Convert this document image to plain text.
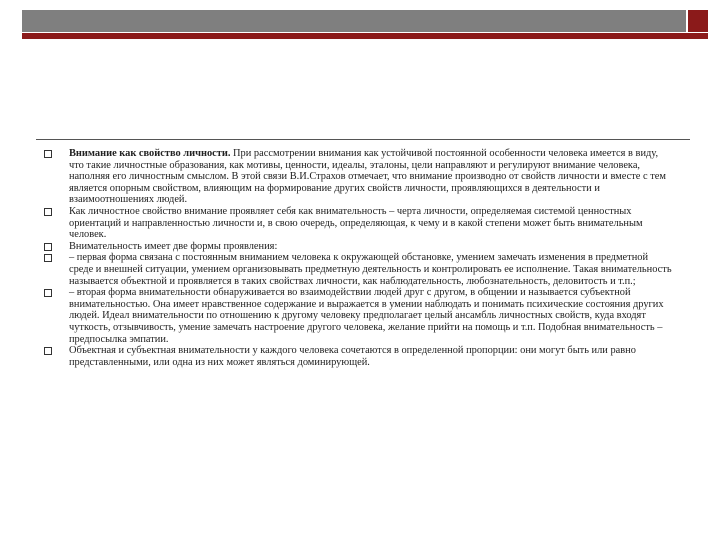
Внимание как свойство личности. При рассмотрении внимания как устойчивой постоянной особенности человека имеется в виду, что такие личностные образования, как мотивы, ценности, идеалы, эталоны, цели направляют и регулируют внимание человека, наполняя его личностным смыслом. В этой связи В.И.Страхов отмечает, что внимание производно от свойств личности и вместе с тем является опорным свойством, влияющим на формирование других свойств личности, проявляющихся в деятельности и взаимоотношениях людей.
Как личностное свойство внимание проявляет себя как внимательность – черта личности, определяемая системой ценностных ориентаций и направленностью личности и, в свою очередь, определяющая, к чему и в какой степени может быть внимательным человек.
Внимательность имеет две формы проявления:
– первая форма связана с постоянным вниманием человека к окружающей обстановке, умением замечать изменения в предметной среде и внешней ситуации, умением организовывать предметную деятельность и контролировать ее исполнение. Такая внимательность называется объектной и проявляется в таких свойствах личности, как наблюдательность, любознательность, деловитость и т.п.;
– вторая форма внимательности обнаруживается во взаимодействии людей друг с другом, в общении и называется субъектной внимательностью. Она имеет нравственное содержание и выражается в умении наблюдать и понимать психические состояния других людей. Идеал внимательности по отношению к другому человеку предполагает целый ансамбль личностных свойств, куда входят чуткость, отзывчивость, умение замечать настроение другого человека, желание прийти на помощь и т.п. Подобная внимательность – предпосылка эмпатии.
Объектная и субъектная внимательности у каждого человека сочетаются в определенной пропорции: они могут быть или равно представленными, или одна из них может являться доминирующей.
